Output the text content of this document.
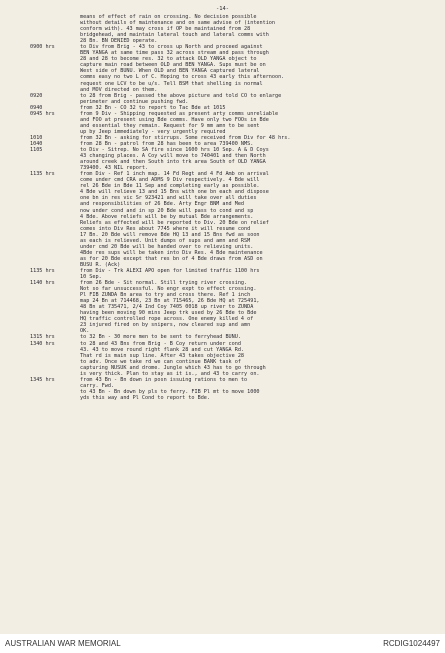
-14-
means of effect of rain on crossing. No decision possible
without details of maintenance and on same advise of (intention
conform with). 43 may cross if OP be maintained from 28
bridgehead, and maintain lateral touch and lateral comms with
28 Bn. BN DENIED operate.
0900 hrs	to Div from Brig - 43 to cross up North and proceed against
BEN YANGA at same time pass 32 across stream and pass through
28 and 28 to become res. 32 to attack OLD YANGA object to
capture main road between OLD and BEN YANGA. Sups must be on
West side of BUNU. When OLD and BEN YANGA captured lateral
comms easy no two L of C. Hoping to cross 43 early this afternoon.
request one LCV to be u/s. Tell BSM that shelling is normal
and MOV directed on them.
0920	to 28 from Brig - passed the above picture and told CO to enlarge
perimeter and continue pushing fwd.
0940	from 32 Bn - CO 32 to report to Tac Bde at 1015
0945 hrs	from 9 Div - Shipping requested as present arty comms unreliable
and FOO at present using Bde comms. Have only two FOOs in Bde
and essential they remain. Request for 9 mm amn to be sent
up by Jeep immediately - very urgently required
1010	from 32 Bn - asking for stirrups. Some received from Div for 48 hrs.
1040	from 28 Bn - patrol from 28 has been to area 739400 NMS.
1105	to Div - Sitrep. No SA fire since 1600 hrs 10 Sep. A & D Coys
43 changing places. A Coy will move to 740401 and then North
around creek and then South into trk area South of OLD YANGA
739400. 43 NIL report.
1135 hrs	from Div - Ref 1 inch map. 14 Fd Regt and 4 Fd Amb on arrival
come under cmd CRA and ADMS 9 Div respectively. 4 Bde will
rel 26 Bde in Bde 11 Sep and completing early as possible.
4 Bde will relieve 13 and 15 Bns with one bn each and dispose
one bn in res vic Sr 923421 and will take over all duties
and responsibilities of 26 Bde. Arty Engr BNM and Med
now under cond and in sp 20 Bde will pass to cond and sp
4 Bde. Above reliefs will be by mutual Bde arrangements.
Reliefs as effected will be reported to Div. 20 Bde on relief
comes into Div Res about 7745 where it will resume cond
17 Bn. 20 Bde will remove Bde HQ 13 and 15 Bns fwd as soon
as each is relieved. Unit dumps of sups and amn and RSM
under cmd 20 Bde will be handed over to relieving units.
4Bde res sups will be taken into Div Res. 4 Bde maintenance
as for 20 Bde except that res bn of 4 Bde draws from ASD on
BUSU R. (Ack)
1135 hrs	from Div - Trk ALEXI APO open for limited traffic 1100 hrs
10 Sep.
1140 hrs	from 26 Bde - Sit normal. Still trying river crossing.
Not so far unsuccessful. No engr expt to effect crossing.
Pl FIB ZUNDA Bn area to try and cross there. Ref 1 inch
map 24 Bn at 714468, 23 Bn at 715465, 26 Bde HQ at 725491,
48 Bn at 735471, 2/4 Ind Coy 7405 0018 up river to ZUNDA
having been moving 90 mins Jeep trk used by 26 Bde to Bde
HQ traffic controlled rope across. One enemy killed 4 of
23 injured fired on by snipers, now cleared sup and amn
OK.
1315 hrs	to 32 Bn - 30 more men to be sent to ferryhead BUNU.
1340 hrs	to 28 and 43 Bns from Brig - B Coy return under cond
43. 43 to move round right flank 28 and cut YANGA Rd.
That rd is main sup line. After 43 takes objective 28
to adv. Once we take rd we can continue BANK task of
capturing NUSUK and drome. Jungle which 43 has to go through
is very thick. Plan to stay as it is., and 43 to carry on.
1345 hrs	from 43 Bn - Bn down in posn issuing rations to men to
carry. Fwd.
to 43 Bn - Bn down by pls to ferry. FIB Pl mt to move 1000
yds this way and Pl Cond to report to Bde.
AUSTRALIAN WAR MEMORIAL	RCDIG1024497
